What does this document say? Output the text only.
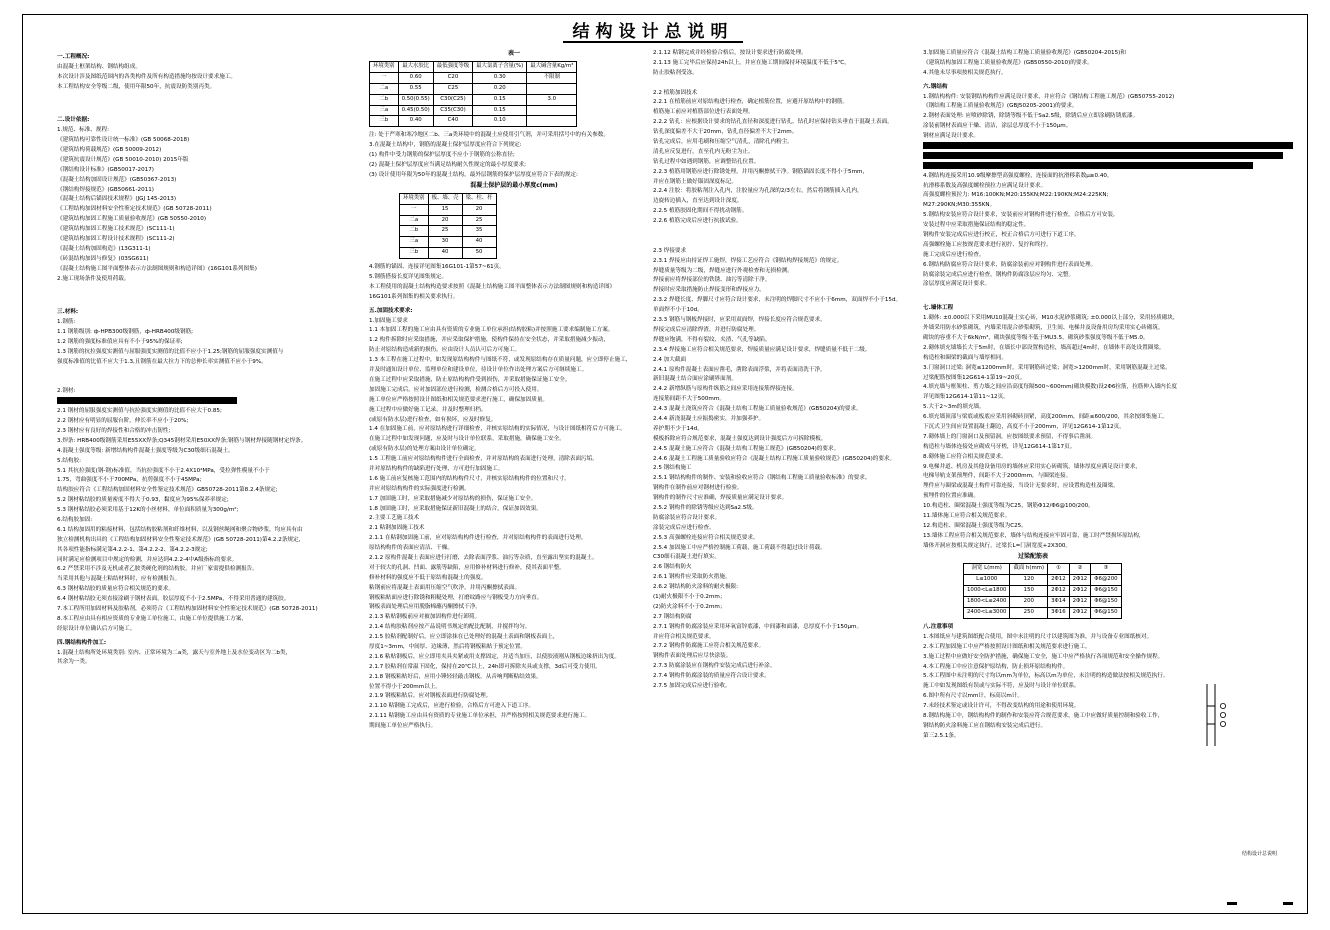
结构设计总说明
一.工程概况:
由混凝土框架结构、钢结构组成。
本次设计涉及图纸范围内的各类构件及所有构造措施均按设计要求施工。
本工程结构安全等级二级，使用年限50年，抗震设防类别丙类。
二.设计依据:
1.规范、标准、规程:
《建筑结构可靠性设计统一标准》(GB 50068-2018)
《建筑结构荷载规范》(GB 50009-2012)
《建筑抗震设计规范》(GB 50010-2010) 2015年版
《钢结构设计标准》(GB50017-2017)
《混凝土结构加固设计规范》(GB50367-2013)
《钢结构焊接规范》(GB50661-2011)
《混凝土结构后锚固技术规程》(JGJ 145-2013)
《工程结构加固材料安全性鉴定技术规范》(GB 50728-2011)
《建筑结构加固工程施工质量验收规范》(GB 50550-2010)
《建筑结构加固工程施工技术规范》(SC111-1)
《建筑结构加固工程设计技术规程》(SC111-2)
《混凝土结构加固构造》(13G311-1)
《砖混结构加固与修复》(03SG611)
《混凝土结构施工图平面整体表示方法制图规则和构造详图》(16G101系列图集)
2.施工现场条件及使用荷载。
三.材料:
1.钢筋:
1.1 钢筋级别: ф-HPB300级钢筋，ф-HRB400级钢筋;
1.2 钢筋的强度标准值应具有不小于95%的保证率;
1.3 钢筋的抗拉强度实测值与屈服强度实测值的比值不应小于1.25;钢筋的屈服强度实测值与
强度标准值的比值不应大于1.3,且钢筋在最大拉力下的总伸长率实测值不应小于9%。
2.钢材:
2.1 钢材的屈服强度实测值与抗拉强度实测值的比值不应大于0.85;
2.2 钢材应有明显的屈服台阶，伸长率不应小于20%;
2.3 钢材应有良好的焊接性和合格的冲击韧性;
3.焊条: HRB400级钢筋采用E55XX焊条;Q345钢材采用E50XX焊条;钢筋与钢材焊接随钢材定焊条。
4.混凝土强度等级: 新增结构构件混凝土强度等级为C30级细石混凝土。
5.结构胶:
5.1 其抗拉强度(钢-钢)标准值，当抗拉强度不小于2.4X10⁴MPa，受拉弹性模量不小于
1.75，弯曲强度不小于700MPa，抗剪强度不小于45MPa;
结构胶应符合《工程结构加固材料安全性鉴定技术规范》GB50728-2011第8.2.4条规定;
5.2 钢材粘结胶的质量密度不得大于0.93，黏度应为95%保养率规定;
5.3 钢材粘结胶必须采用基于12K的小丝材料，单位面积质量为300g/m²;
6.结构胶加固:
6.1 结构加固用的粘接材料，包括结构胶粘剂和纤维材料，以及钢丝绳网和聚合物砂浆，均应具有由
独立检测机构出具的《工程结构加固材料安全性鉴定技术规范》(GB 50728-2011)第4.2.2条规定，
其各项性能指标满足第4.2.2-1、第4.2.2-2、第4.2.2-3规定;
同时满足应检测项目中规定的检测，并应达到4.2.2-4中A级指标的要求。
6.2 严禁采用不涉及无机或者乙胺类硬化剂的结构胶，并应厂家需提供检测报告。
当采用其他与混凝土粘结材料时，应有检测报告。
6.3 钢材粘结胶的质量应符合相关规范的要求。
6.4 钢材粘结胶无须直接涂刷于钢材表面，胶层厚度不小于2.5MPa，不得采用普通的建筑胶。
7.本工程所用加固材料及胶粘剂，必须符合《工程结构加固材料安全性鉴定技术规范》(GB 50728-2011)
8.本工程应由具有相应资质的专业施工单位施工，由施工单位提供施工方案，
经原设计单位确认后方可施工。
四.钢结构构件加工:
1.混凝土结构所处环境类别: 室内、正常环境为二a类，露天与室外地上及水位变动区为二b类，
其余为一类。
表一
环境类别	最大水胶比	最低强度等级	最大氯离子含量(%)	最大碱含量Kg/m³
一	0.60	C20	0.30	不限制
二a	0.55	C25	0.20	
二b	0.50(0.55)	C30(C25)	0.15	3.0
三a	0.45(0.50)	C35(C30)	0.15	
三b	0.40	C40	0.10	
注: 处于严寒和寒冷地区二b、三a类环境中的混凝土应使用引气剂，并可采用括号中的有关参数。
3.在混凝土结构中，钢筋的混凝土保护层厚度应符合下列规定:
(1) 构件中受力钢筋的保护层厚度不应小于钢筋的公称直径;
(2) 混凝土保护层厚度应当满足结构耐久性规定的最小厚度要求;
(3) 设计使用年限为50年的混凝土结构，最外层钢筋的保护层厚度应符合下表的规定:
混凝土保护层的最小厚度c(mm)
环境类别	板、墙、壳	梁、柱、杆
一	15	20
二a	20	25
二b	25	35
三a	30	40
三b	40	50
4.钢筋的锚固、连接详见图集16G101-1第57~61页。
5.钢筋搭接长度详见图集规定。
本工程使用的混凝土结构构造要求按照《混凝土结构施工图平面整体表示方法制图规则和构造详图》
16G101系列图集的相关要求执行。
五.加固技术要求:
1.加固施工要求
1.1 本加固工程的施工应由具有资质的专业施工单位承担(结构胶粘)并按照施工要求编制施工方案。
1.2 构件拆除时应采取措施，并应采取保护措施，使构件保持在安全状态，并采取措施减少振动，
防止对原结构造成新的损伤。应由设计人员认可后方可施工。
1.3 本工程在施工过程中，如发现原结构构件与图纸不符，或发现原结构存在质量问题，应立即停止施工，
并及时通知设计单位、监理单位和建设单位，待设计单位作出处理方案后方可继续施工。
在施工过程中应采取措施，防止原结构构件受到损伤，并采取措施保证施工安全。
加固施工完成后，应对加固部位进行检测，检测合格后方可投入使用。
施工单位应严格按照设计图纸和相关规范要求进行施工，确保加固质量。
施工过程中应做好施工记录，并及时整理归档。
(或原有防水层)进行检查，如有损坏，应及时修复。
1.4 在加固施工前，应对原结构进行详细检查，并核实原结构的实际情况，与设计图纸相符后方可施工。
在施工过程中如发现问题，应及时与设计单位联系，采取措施，确保施工安全。
(或原有防水层)的处理方案由设计单位确定。
1.5 工程施工前应对原结构构件进行全面检查，并对原结构的表面进行处理，清除表面污垢。
并对原结构构件的缺陷进行处理，方可进行加固施工。
1.6 施工前应复核施工范围内的结构构件尺寸，并核实原结构构件的位置和尺寸。
并应对原结构构件的实际强度进行检测。
1.7 加固施工时，应采取措施减少对原结构的损伤，保证施工安全。
1.8 加固施工时，应采取措施保证新旧混凝土的结合，保证加固效果。
2.主要工艺施工技术
2.1 粘钢加固施工技术
2.1.1 在粘钢加固施工前，应对原结构构件进行检查，并对原结构构件的表面进行处理。
原结构构件的表面应清洁、干燥。
2.1.2 原构件混凝土表面应进行打磨，去除表面浮浆、油污等杂质，直至露出坚实的混凝土。
对于较大的孔洞、凹面、露筋等缺陷，应用修补材料进行修补，使其表面平整。
修补材料的强度应不低于原结构混凝土的强度。
粘钢前应将混凝土表面用压缩空气吹净，并用丙酮擦拭表面。
钢板粘贴面应进行除锈和粗糙处理，打磨纹路应与钢板受力方向垂直。
钢板表面处理后应用脱脂棉蘸丙酮擦拭干净。
2.1.3 粘贴钢板前应对被加固构件进行卸荷。
2.1.4 结构胶粘剂应按产品说明书规定的配比配制，并搅拌均匀。
2.1.5 胶粘剂配制好后，应立即涂抹在已处理好的混凝土表面和钢板表面上，
厚度1~3mm，中间厚、边缘薄，然后将钢板粘贴于预定位置。
2.1.6 粘贴钢板后，应立即用夹具夹紧或用支撑固定，并适当加压，以使胶液刚从钢板边缘挤出为度。
2.1.7 胶粘剂在常温下固化，保持在20℃以上，24h即可拆除夹具或支撑，3d后可受力使用。
2.1.8 钢板粘贴好后，应用小锤轻轻敲击钢板，从音响判断粘结效果。
位置不得小于200mm以上。
2.1.9 钢板粘贴后，应对钢板表面进行防腐处理。
2.1.10 粘钢施工完成后，应进行检验，合格后方可进入下道工序。
2.1.11 粘钢施工应由具有资质的专业施工单位承担，并严格按照相关规范要求进行施工。
期间施工单位应严格执行。
2.1.12 粘钢完成并经检验合格后，按设计要求进行防腐处理。
2.1.13 施工完毕后应保持24h以上，并应在施工期间保持环境温度不低于5℃，
防止胶粘剂受冻。
2.2 植筋加固技术
2.2.1 在植筋前应对原结构进行检查，确定植筋位置，应避开原结构中的钢筋。
植筋施工前应对植筋部位进行表面处理。
2.2.2 钻孔：应根据设计要求的钻孔直径和深度进行钻孔，钻孔时应保持钻头垂直于混凝土表面。
钻孔深度偏差不大于20mm，钻孔直径偏差不大于2mm。
钻孔完成后，应用毛刷和压缩空气清孔，清除孔内粉尘。
清孔应反复进行，直至孔内无粉尘为止。
钻孔过程中如遇到钢筋，应调整钻孔位置。
2.2.3 植筋用钢筋应进行除锈处理，并用丙酮擦拭干净。钢筋锚固长度不得小于5mm，
并应在钢筋上做好锚固深度标记。
2.2.4 注胶：将胶粘剂注入孔内，注胶量应为孔深的2/3左右，然后将钢筋插入孔内，
边旋转边插入，直至达到设计深度。
2.2.5 植筋胶固化期间不得扰动钢筋。
2.2.6 植筋完成后应进行抗拔试验。
2.3 焊接要求
2.3.1 焊接应由持证焊工施焊，焊接工艺应符合《钢结构焊接规范》的规定。
焊缝质量等级为二级，焊缝应进行外观检查和无损检测。
焊接前应将焊接部位的铁锈、油污等清除干净。
焊接时应采取措施防止焊接变形和焊接应力。
2.3.2 焊缝长度、焊脚尺寸应符合设计要求，未注明的焊脚尺寸不应小于6mm，双面焊不小于15d。
单面焊不小于10d。
2.3.3 钢筋与钢板焊接时，应采用双面焊，焊接长度应符合规范要求。
焊接完成后应清除焊渣，并进行防腐处理。
焊缝应饱满，不得有裂纹、夹渣、气孔等缺陷。
2.3.4 焊接施工应符合相关规范要求，焊接质量应满足设计要求，焊缝质量不低于二级。
2.4 加大截面
2.4.1 原构件混凝土表面应凿毛，凿除表面浮浆，并将表面清洗干净。
新旧混凝土结合面应涂刷界面剂。
2.4.2 新增纵筋与原构件纵筋之间应采用连接筋焊接连接。
连接筋间距不大于500mm。
2.4.3 混凝土浇筑应符合《混凝土结构工程施工质量验收规范》(GB50204)的要求。
2.4.4 新浇混凝土应振捣密实，并加强养护。
养护期不少于14d。
模板拆除应符合规范要求，混凝土强度达到设计强度后方可拆除模板。
2.4.5 混凝土施工应符合《混凝土结构工程施工规范》(GB50204)的要求。
2.4.6 混凝土工程施工质量验收应符合《混凝土结构工程施工质量验收规范》(GB50204)的要求。
2.5 钢结构施工
2.5.1 钢结构构件的制作、安装和验收应符合《钢结构工程施工质量验收标准》的要求。
钢构件在制作前应对钢材进行检验。
钢构件的制作尺寸应准确，焊接质量应满足设计要求。
2.5.2 钢构件的除锈等级应达到Sa2.5级。
防腐涂装应符合设计要求。
涂装完成后应进行检查。
2.5.3 高强螺栓连接应符合相关规范要求。
2.5.4 加固施工中应严格控制施工荷载，施工荷载不得超过设计荷载。
C30细石混凝土进行填实。
2.6 钢结构防火
2.6.1 钢构件应采取防火措施。
2.6.2 钢结构防火涂料的耐火极限:
(1)耐火极限不小于0.2mm；
(2)防火涂料不小于0.2mm；
2.7 钢结构防腐
2.7.1 钢构件防腐涂装应采用环氧富锌底漆，中间漆和面漆，总厚度不小于150μm。
并应符合相关规范要求。
2.7.2 钢构件防腐施工应符合相关规范要求。
钢构件表面处理后应尽快涂装。
2.7.3 防腐涂装应在钢构件安装完成后进行补涂。
2.7.4 钢构件防腐涂装的质量应符合设计要求。
2.7.5 加固完成后应进行验收。
3.加固施工质量应符合《混凝土结构工程施工质量验收规范》(GB50204-2015)和
《建筑结构加固工程施工质量验收规范》(GB50550-2010)的要求。
4.其他未尽事项按相关规范执行。
六.钢结构
1.钢结构构件: 安装钢结构构件应满足设计要求，并应符合《钢结构工程施工规范》(GB50755-2012)
《钢结构工程施工质量验收规范》(GBJ50205-2001)的要求。
2.钢材表面处理: 应喷砂除锈，除锈等级不低于Sa2.5级，除锈后应立即涂刷防锈底漆。
涂装前钢材表面应干燥、清洁，涂层总厚度不小于150μm。
钢材应满足设计要求。
4.钢结构连接采用10.9级摩擦型高强度螺栓，连接面的抗滑移系数μ≥0.40。
抗滑移系数及高强度螺栓预拉力应满足设计要求。
高强度螺栓预拉力: M16:100KN;M20:155KN;M22:190KN;M24:225KN;
M27:290KN;M30:355KN。
5.钢结构安装应符合设计要求，安装前应对钢构件进行检查，合格后方可安装。
安装过程中应采取措施保证结构的稳定性。
钢构件安装完成后应进行校正，校正合格后方可进行下道工序。
高强螺栓施工应按规范要求进行初拧、复拧和终拧。
施工完成后应进行检查。
6.钢结构防腐应符合设计要求，防腐涂装前应对钢构件进行表面处理。
防腐涂装完成后应进行检查，钢构件防腐涂层应均匀、完整。
涂层厚度应满足设计要求。
七.墙体工程
1.砌体: ±0.000以下采用MU10混凝土实心砖，M10水泥砂浆砌筑; ±0.000以上部分，采用轻质砌块，
外墙采用防水砂浆砌筑，内墙采用混合砂浆砌筑，卫生间、电梯井及设备用房均采用实心砖砌筑。
砌块的容重不大于6kN/m³，砌块强度等级不低于MU3.5，砌筑砂浆强度等级不低于M5.0。
2.砌体填充墙墙长大于5m时，在墙长中部设置构造柱，墙高超过4m时，在墙体半高处设置圈梁。
构造柱和圈梁的截面与墙厚相同。
3.门窗洞口过梁: 洞宽≤1200mm时，采用钢筋砖过梁；洞宽>1200mm时，采用钢筋混凝土过梁。
过梁配筋按图集12G614-1第19~20页。
4.填充墙与框架柱、剪力墙之间应沿高度每隔500~600mm(砌块模数)设2Φ6拉筋，拉筋伸入墙内长度
详见图集12G614-1第11~12页。
5.大于2~3m的填充墙。
6.填充墙顶部与梁底或板底应采用斜砌砖顶紧，高度200mm，间距≤600/200，其余按图集施工。
下沉式卫生间应设置混凝土翻边，高度不小于200mm，详见12G614-1第12页。
7.砌体墙上的门窗洞口及预留洞，应按图纸要求预留，不得事后凿洞。
构造柱与墙体连接处应砌成马牙槎，详见12G614-1第17页。
8.砌体施工应符合相关规范要求。
9.电梯井道、机房及其他设备用房的墙体应采用实心砖砌筑，墙体厚度应满足设计要求，
电梯导轨支架预埋件，间距不大于2000mm，与圈梁连接。
埋件应与圈梁或混凝土构件可靠连接，当设计无要求时，应设置构造柱及圈梁。
预埋件的位置应准确。
10.构造柱、圈梁混凝土强度等级为C25，钢筋Φ12/Φ6@100/200。
11.墙体施工应符合相关规范要求。
12.构造柱、圈梁混凝土强度等级为C25。
13.墙体工程应符合相关规范要求，墙体与结构连接应牢固可靠，施工时严禁损坏原结构，
墙体开洞应按相关规定执行，过梁长L=门洞宽度+2X300。
过梁配筋表
洞宽 L(mm)	截面 h(mm)	①	②	③
L≤1000	120	2Φ12	2Φ12	Φ6@200
1000<L≤1800	150	2Φ12	2Φ12	Φ6@150
1800<L≤2400	200	3Φ14	2Φ12	Φ6@150
2400<L≤3000	250	3Φ16	2Φ12	Φ6@150
八.注意事项
1.本图纸应与建筑图纸配合使用，图中未注明的尺寸以建筑图为准，并与设备专业图纸核对。
2.本工程加固施工中应严格按照设计图纸和相关规范要求进行施工。
3.施工过程中应做好安全防护措施，确保施工安全，施工中应严格执行各项规范和安全操作规程。
4.本工程施工中应注意保护原结构，防止损坏原结构构件。
5.本工程图中未注明的尺寸均以mm为单位，标高以m为单位，未注明的构造做法按相关规范执行。
施工中如发现图纸有误或与实际不符，应及时与设计单位联系。
6.图中所有尺寸以mm计，标高以m计。
7.未经技术鉴定或设计许可，不得改变结构的用途和使用环境。
8.钢结构施工中，钢结构构件的制作和安装应符合规范要求，施工中应做好质量控制和验收工作，
钢结构防火涂料施工应在钢结构安装完成后进行。
第三2.5.1条。
结构设计总说明
